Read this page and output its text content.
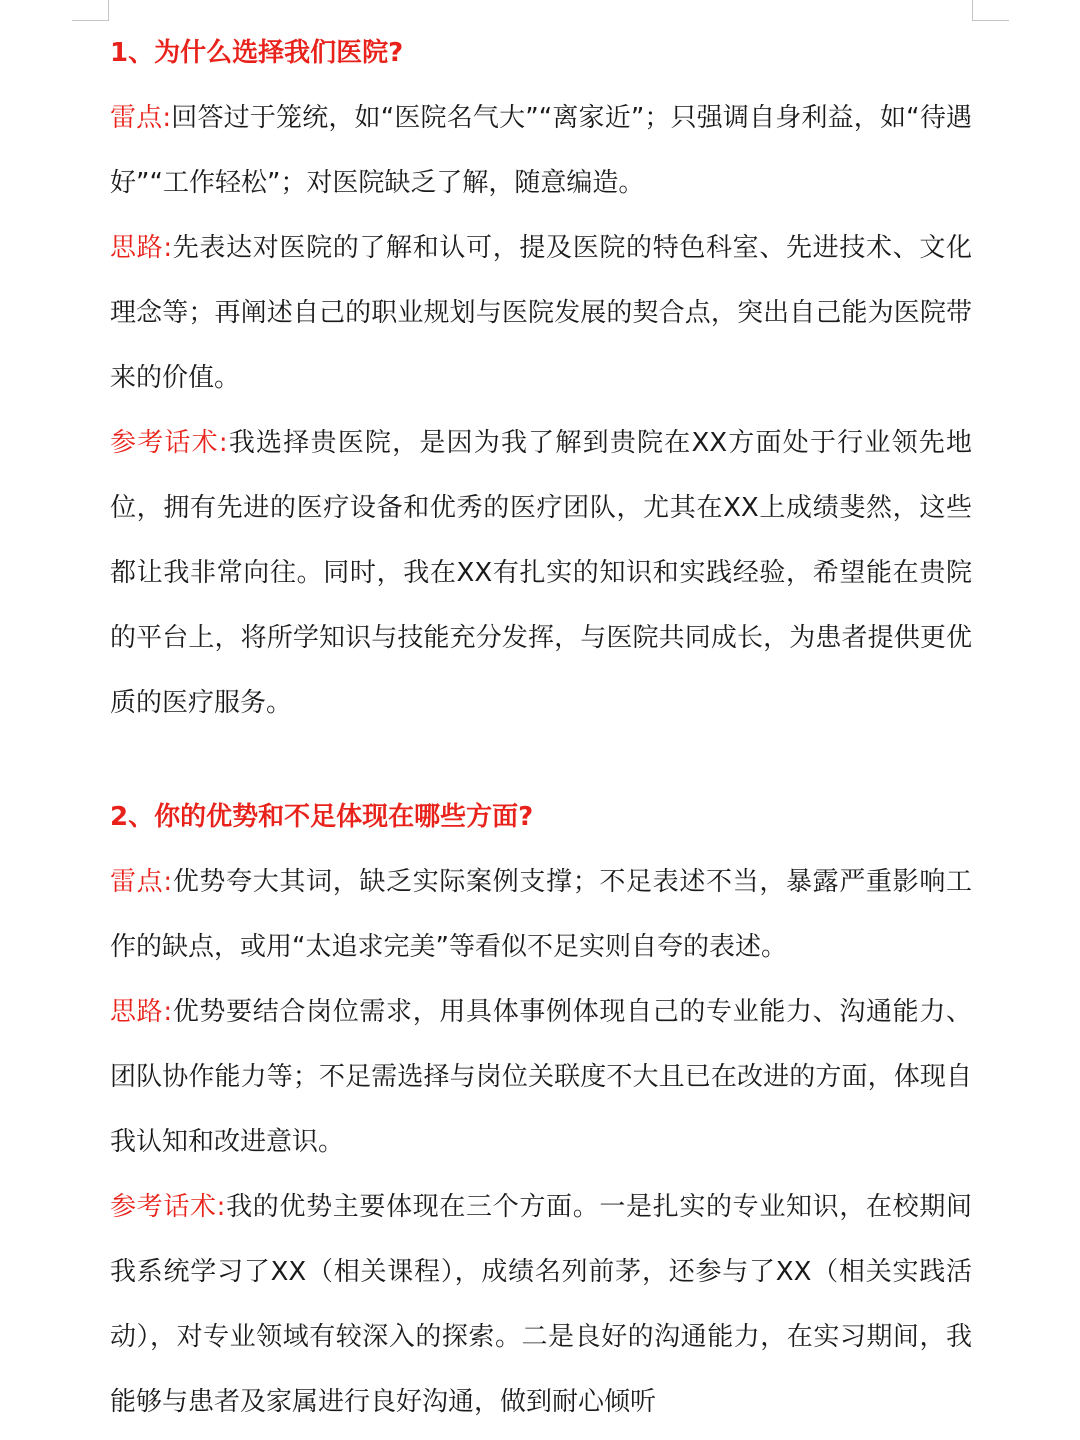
1、为什么选择我们医院?

雷点:回答过于笼统，如“医院名气大”“离家近”；只强调自身利益，如“待遇好”“工作轻松”；对医院缺乏了解，随意编造。

思路:先表达对医院的了解和认可，提及医院的特色科室、先进技术、文化理念等；再阐述自己的职业规划与医院发展的契合点，突出自己能为医院带来的价值。

参考话术:我选择贵医院，是因为我了解到贵院在XX方面处于行业领先地位，拥有先进的医疗设备和优秀的医疗团队，尤其在XX上成绩斐然，这些都让我非常向往。同时，我在XX有扎实的知识和实践经验，希望能在贵院的平台上，将所学知识与技能充分发挥，与医院共同成长，为患者提供更优质的医疗服务。

2、你的优势和不足体现在哪些方面?

雷点:优势夸大其词，缺乏实际案例支撑；不足表述不当，暴露严重影响工作的缺点，或用“太追求完美”等看似不足实则自夸的表述。

思路:优势要结合岗位需求，用具体事例体现自己的专业能力、沟通能力、团队协作能力等；不足需选择与岗位关联度不大且已在改进的方面，体现自我认知和改进意识。

参考话术:我的优势主要体现在三个方面。一是扎实的专业知识，在校期间我系统学习了XX（相关课程），成绩名列前茅，还参与了XX（相关实践活动），对专业领域有较深入的探索。二是良好的沟通能力，在实习期间，我能够与患者及家属进行良好沟通，做到耐心倾听
